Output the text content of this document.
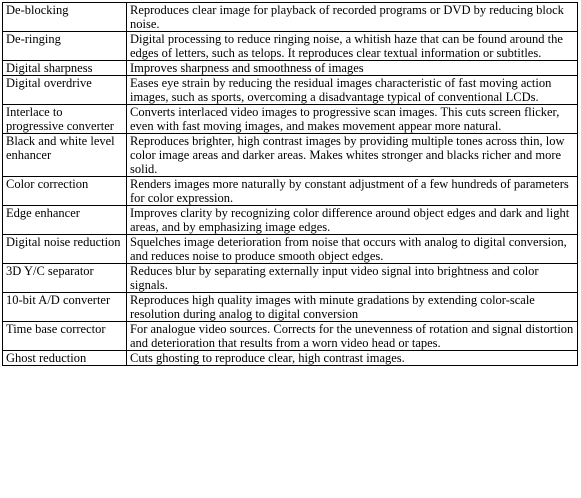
De-blocking	Reproduces clear image for playback of recorded programs or DVD by reducing block noise.
De-ringing	Digital processing to reduce ringing noise, a whitish haze that can be found around the edges of letters, such as telops. It reproduces clear textual information or subtitles.
Digital sharpness	Improves sharpness and smoothness of images
Digital overdrive	Eases eye strain by reducing the residual images characteristic of fast moving action images, such as sports, overcoming a disadvantage typical of conventional LCDs.
Interlace to progressive converter	Converts interlaced video images to progressive scan images. This cuts screen flicker, even with fast moving images, and makes movement appear more natural.
Black and white level enhancer	Reproduces brighter, high contrast images by providing multiple tones across thin, low color image areas and darker areas. Makes whites stronger and blacks richer and more solid.
Color correction	Renders images more naturally by constant adjustment of a few hundreds of parameters for color expression.
Edge enhancer	Improves clarity by recognizing color difference around object edges and dark and light areas, and by emphasizing image edges.
Digital noise reduction	Squelches image deterioration from noise that occurs with analog to digital conversion, and reduces noise to produce smooth object edges.
3D Y/C separator	Reduces blur by separating externally input video signal into brightness and color signals.
10-bit A/D converter	Reproduces high quality images with minute gradations by extending color-scale resolution during analog to digital conversion
Time base corrector	For analogue video sources. Corrects for the unevenness of rotation and signal distortion and deterioration that results from a worn video head or tapes.
Ghost reduction	Cuts ghosting to reproduce clear, high contrast images.
